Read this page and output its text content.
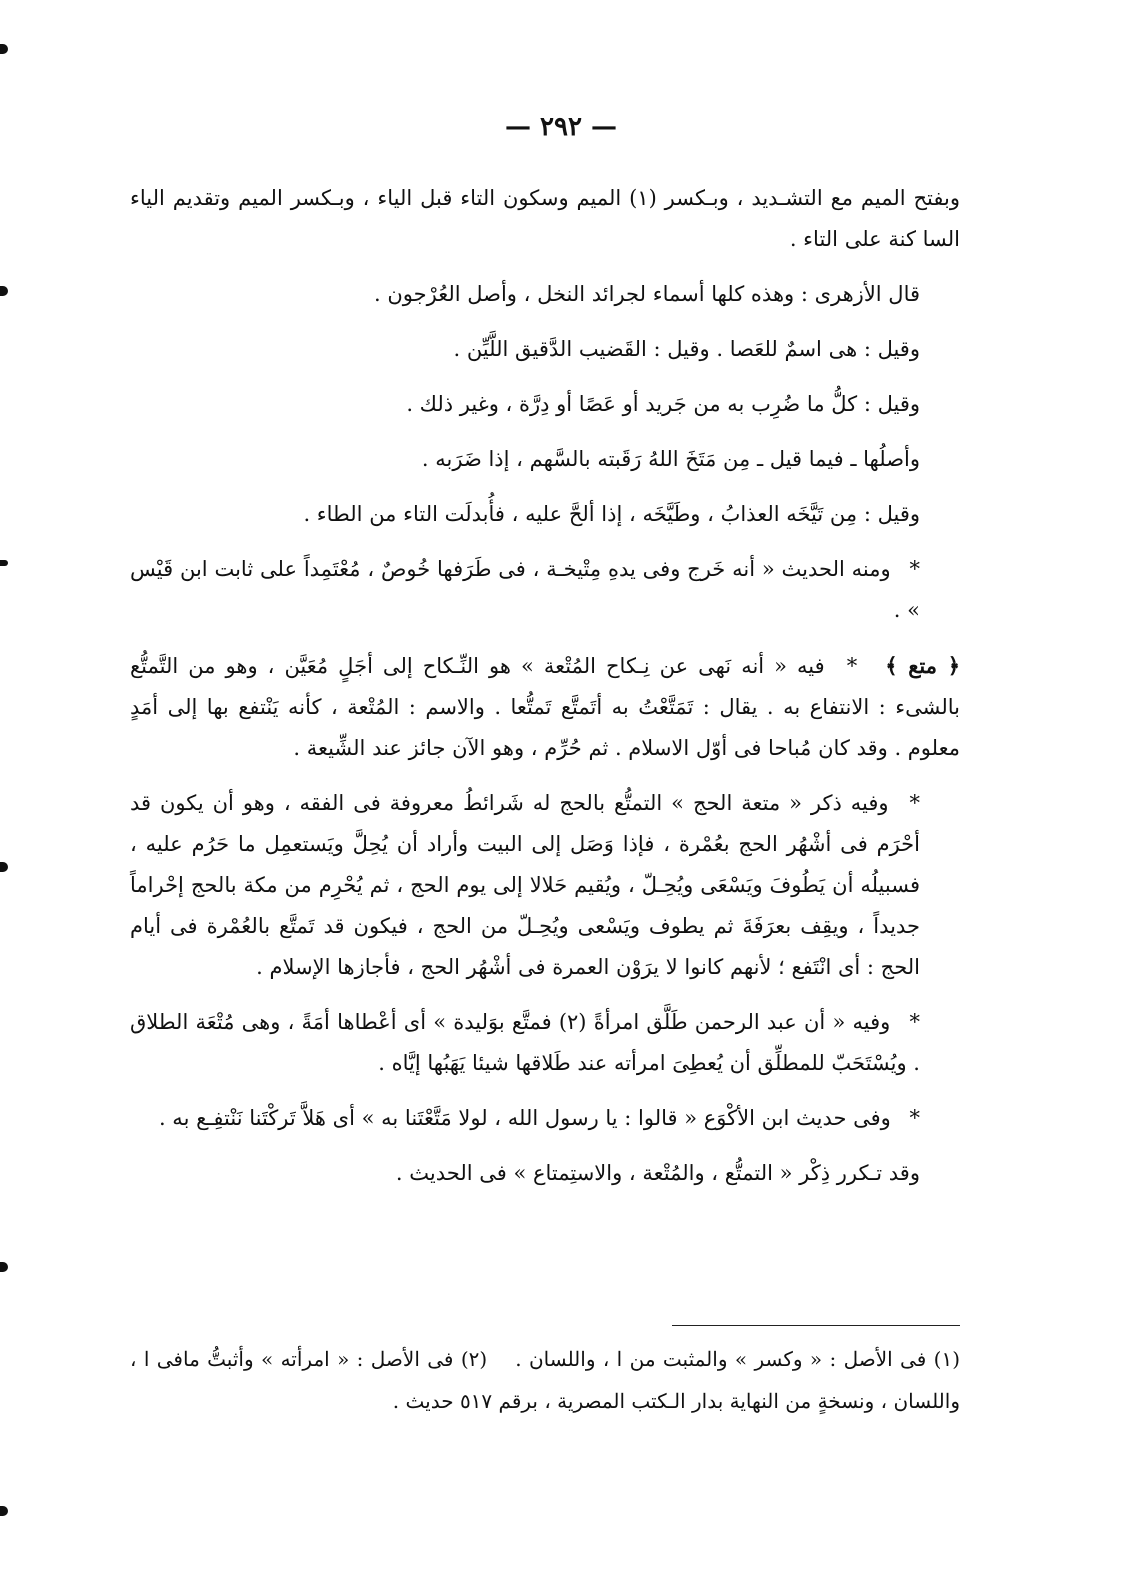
— ٢٩٢ —

وبفتح الميم مع التشـديد ، وبـكسر (١) الميم وسكون التاء قبل الياء ، وبـكسر الميم وتقديم الياء السا كنة على التاء .

قال الأزهرى : وهذه كلها أسماء لجرائد النخل ، وأصل العُرْجون .

وقيل : هى اسمٌ للعَصا . وقيل : القَضيب الدَّقيق اللَّيِّن .

وقيل : كلُّ ما ضُرِب به من جَريد أو عَصًا أو دِرَّة ، وغير ذلك .

وأصلُها ـ فيما قيل ـ مِن مَتَخَ اللهُ رَقَبته بالسَّهم ، إذا ضَرَبه .

وقيل : مِن تَيَّخَه العذابُ ، وطَيَّخَه ، إذا ألحَّ عليه ، فأُبدلَت التاء من الطاء .

* ومنه الحديث « أنه خَرج وفى يدهِ مِتْيخـة ، فى طَرَفها خُوصٌ ، مُعْتَمِداً على ثابت ابن قَيْس » .

﴿ متع ﴾ * فيه « أنه نَهى عن نِـكاح المُتْعة » هو النِّـكاح إلى أجَلٍ مُعَيَّن ، وهو من التَّمتُّع بالشىء : الانتفاع به . يقال : تَمَتَّعْتُ به أتَمتَّع تَمتُّعا . والاسم : المُتْعة ، كأنه يَنْتفع بها إلى أمَدٍ معلوم . وقد كان مُباحا فى أوّل الاسلام . ثم حُرِّم ، وهو الآن جائز عند الشِّيعة .

* وفيه ذكر « متعة الحج » التمتُّع بالحج له شَرائطُ معروفة فى الفقه ، وهو أن يكون قد أحْرَم فى أشْهُر الحج بعُمْرة ، فإذا وَصَل إلى البيت وأراد أن يُحِلَّ ويَستعمِل ما حَرُم عليه ، فسبيلُه أن يَطُوفَ ويَسْعَى ويُحِـلّ ، ويُقيم حَلالا إلى يوم الحج ، ثم يُحْرِم من مكة بالحج إحْراماً جديداً ، ويقِف بعرَفَةَ ثم يطوف ويَسْعى ويُحِـلّ من الحج ، فيكون قد تَمتَّع بالعُمْرة فى أيام الحج : أى انْتَفع ؛ لأنهم كانوا لا يرَوْن العمرة فى أشْهُر الحج ، فأجازها الإسلام .

* وفيه « أن عبد الرحمن طَلَّق امرأةً (٢) فمتَّع بوَليدة » أى أعْطاها أمَةً ، وهى مُتْعَة الطلاق . ويُسْتَحَبّ للمطلِّق أن يُعطِىَ امرأته عند طَلاقها شيئا يَهَبُها إيَّاه .

* وفى حديث ابن الأكْوَع « قالوا : يا رسول الله ، لولا مَتَّعْتَنا به » أى هَلاَّ تَركْتَنا نَنْتفِـع به .

وقد تـكرر ذِكْر « التمتُّع ، والمُتْعة ، والاستِمتاع » فى الحديث .

(١) فى الأصل : « وكسر » والمثبت من ا ، واللسان .(٢) فى الأصل : « امرأته » وأثبتُّ مافى ا ، واللسان ، ونسخةٍ من النهاية بدار الـكتب المصرية ، برقم ٥١٧ حديث .
